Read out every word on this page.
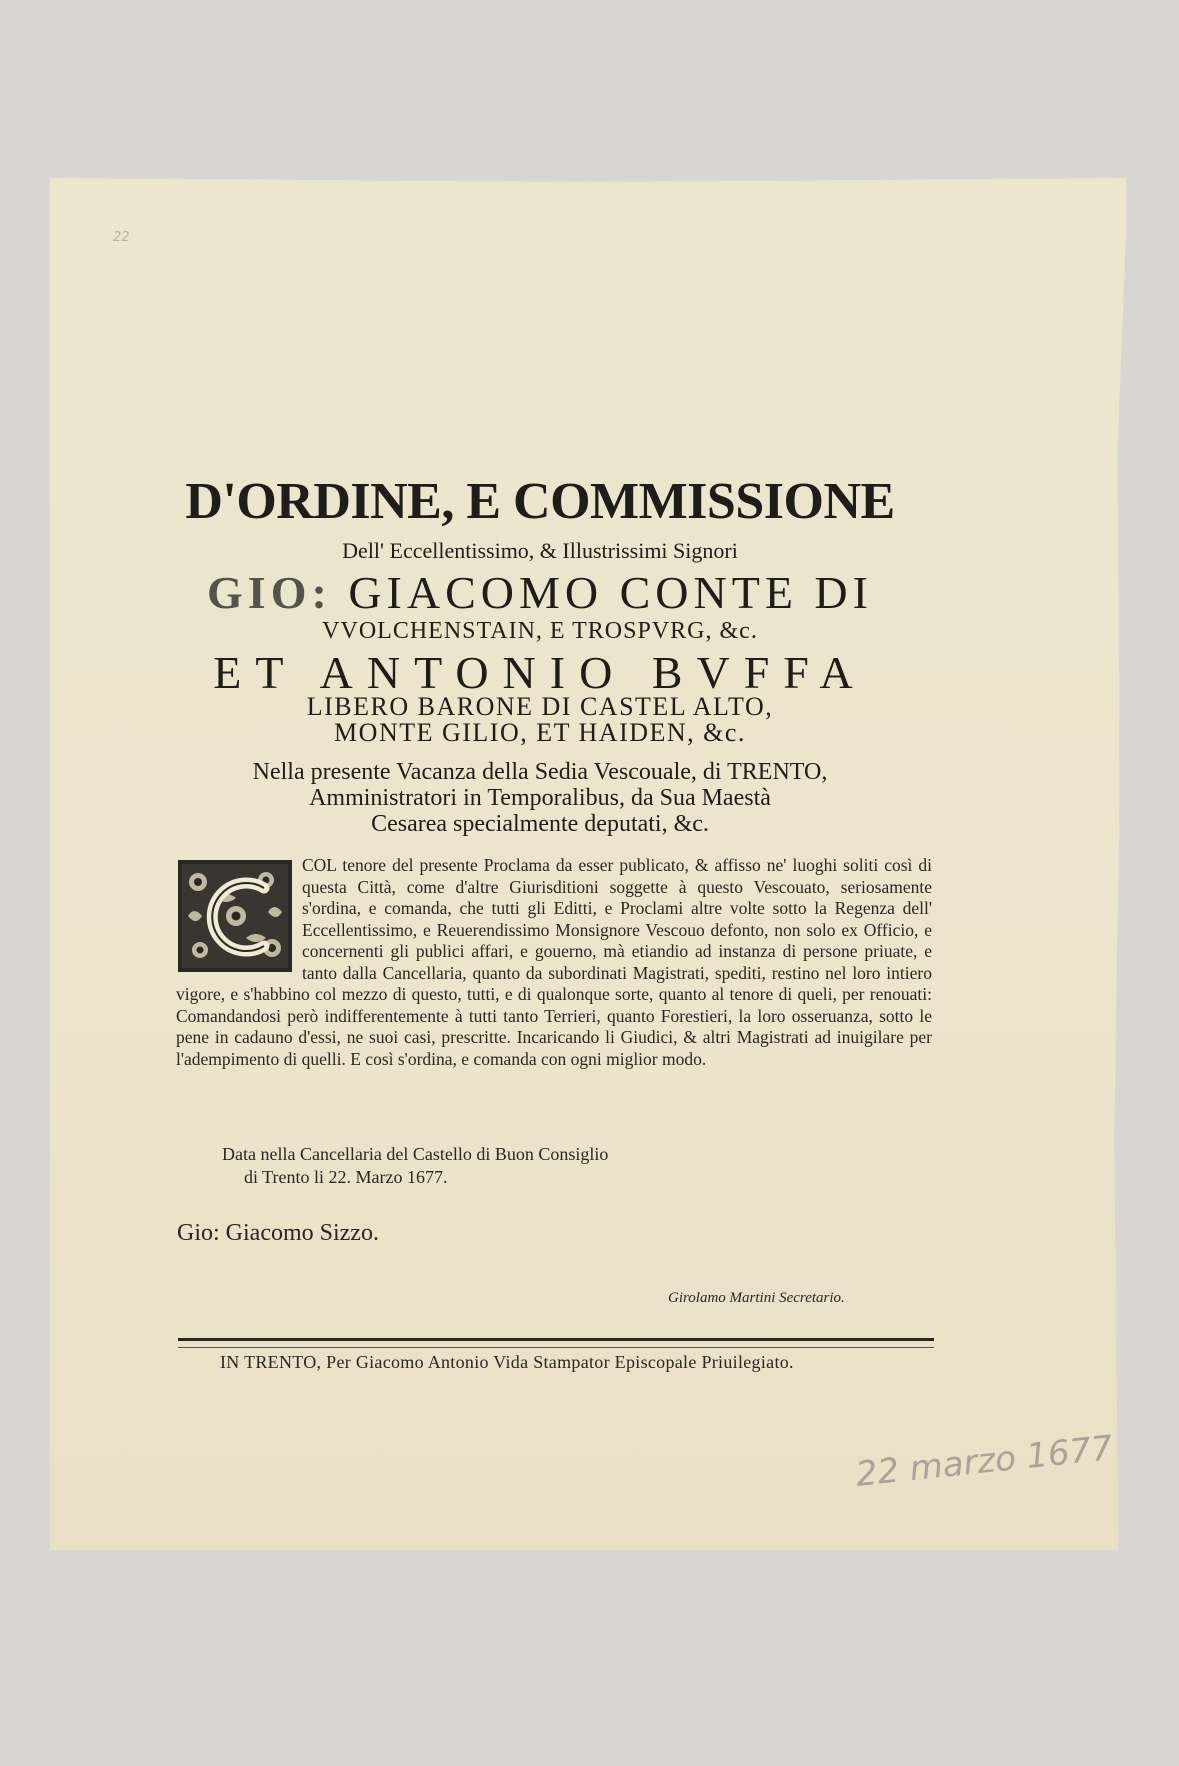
22
D'ORDINE, E COMMISSIONE
Dell' Eccellentissimo, & Illustrissimi Signori
GIO: GIACOMO CONTE DI
VVOLCHENSTAIN, E TROSPVRG, &c.
ET ANTONIO BVFFA
LIBERO BARONE DI CASTEL ALTO,
MONTE GILIO, ET HAIDEN, &c.
Nella presente Vacanza della Sedia Vescouale, di TRENTO,
Amministratori in Temporalibus, da Sua Maestà
Cesarea specialmente deputati, &c.
COL tenore del presente Proclama da esser publicato, & affisso ne' luoghi soliti così di questa Città, come d'altre Giurisditioni soggette à questo Vescouato, seriosamente s'ordina, e comanda, che tutti gli Editti, e Proclami altre volte sotto la Regenza dell' Eccellentissimo, e Reuerendissimo Monsignore Vescouo defonto, non solo ex Officio, e concernenti gli publici affari, e gouerno, mà etiandio ad instanza di persone priuate, e tanto dalla Cancellaria, quanto da subordinati Magistrati, spediti, restino nel loro intiero vigore, e s'habbino col mezzo di questo, tutti, e di qualonque sorte, quanto al tenore di queli, per renouati: Comandandosi però indifferentemente à tutti tanto Terrieri, quanto Forestieri, la loro osseruanza, sotto le pene in cadauno d'essi, ne suoi casi, prescritte. Incaricando li Giudici, & altri Magistrati ad inuigilare per l'adempimento di quelli. E così s'ordina, e comanda con ogni miglior modo.
Data nella Cancellaria del Castello di Buon Consiglio
di Trento li 22. Marzo 1677.
Gio: Giacomo Sizzo.
Girolamo Martini Secretario.
IN TRENTO, Per Giacomo Antonio Vida Stampator Episcopale Priuilegiato.
22 marzo 1677
